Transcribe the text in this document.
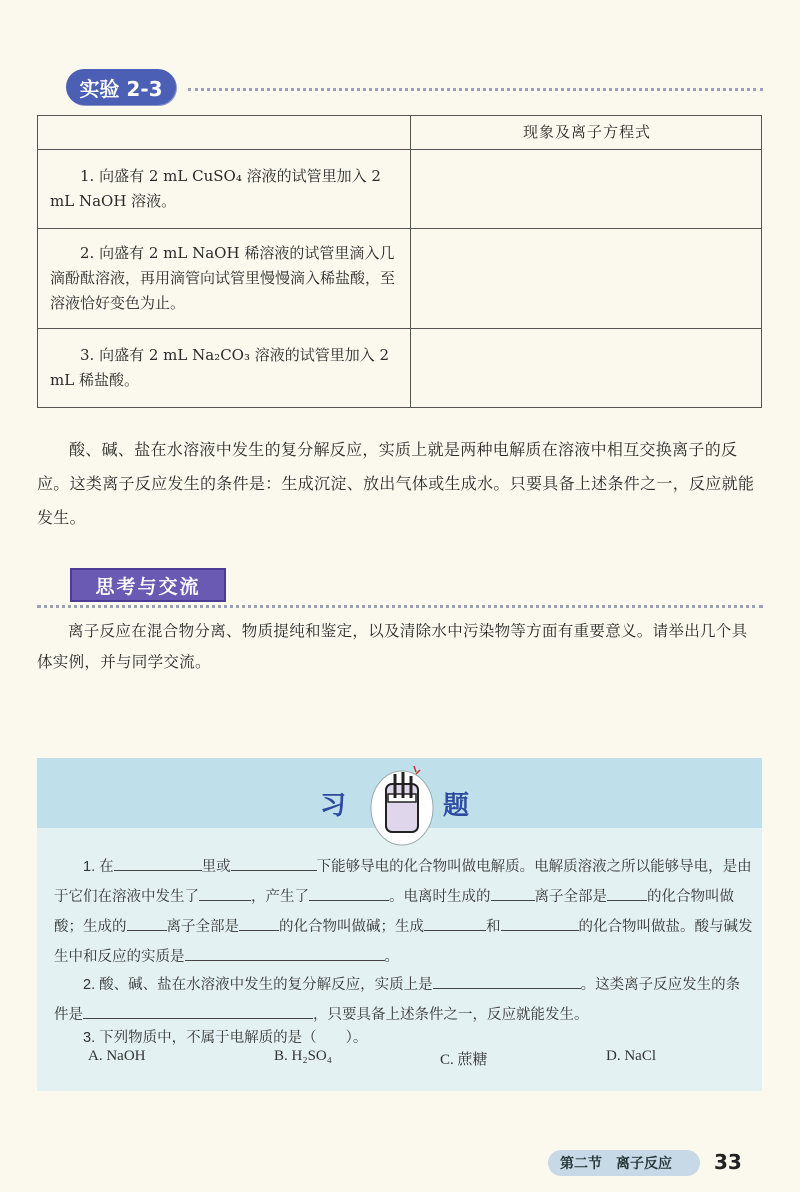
实验 2-3
	现象及离子方程式

1. 向盛有 2 mL CuSO₄ 溶液的试管里加入 2 mL NaOH 溶液。	

2. 向盛有 2 mL NaOH 稀溶液的试管里滴入几滴酚酞溶液，再用滴管向试管里慢慢滴入稀盐酸，至溶液恰好变色为止。	

3. 向盛有 2 mL Na₂CO₃ 溶液的试管里加入 2 mL 稀盐酸。	

酸、碱、盐在水溶液中发生的复分解反应，实质上就是两种电解质在溶液中相互交换离子的反应。这类离子反应发生的条件是：生成沉淀、放出气体或生成水。只要具备上述条件之一，反应就能发生。
思考与交流
离子反应在混合物分离、物质提纯和鉴定，以及清除水中污染物等方面有重要意义。请举出几个具体实例，并与同学交流。
习	题
1. 在	里或	下能够导电的化合物叫做电解质。电解质溶液之所以能够导电，是由于它们在溶液中发生了	，产生了	。电离时生成的	离子全部是	的化合物叫做酸；生成的	离子全部是	的化合物叫做碱；生成	和	的化合物叫做盐。酸与碱发生中和反应的实质是	。
2. 酸、碱、盐在水溶液中发生的复分解反应，实质上是	。这类离子反应发生的条件是	，只要具备上述条件之一，反应就能发生。
3. 下列物质中，不属于电解质的是（　　）。
A. NaOH	B. H₂SO₄	C. 蔗糖	D. NaCl
第二节　离子反应 33
